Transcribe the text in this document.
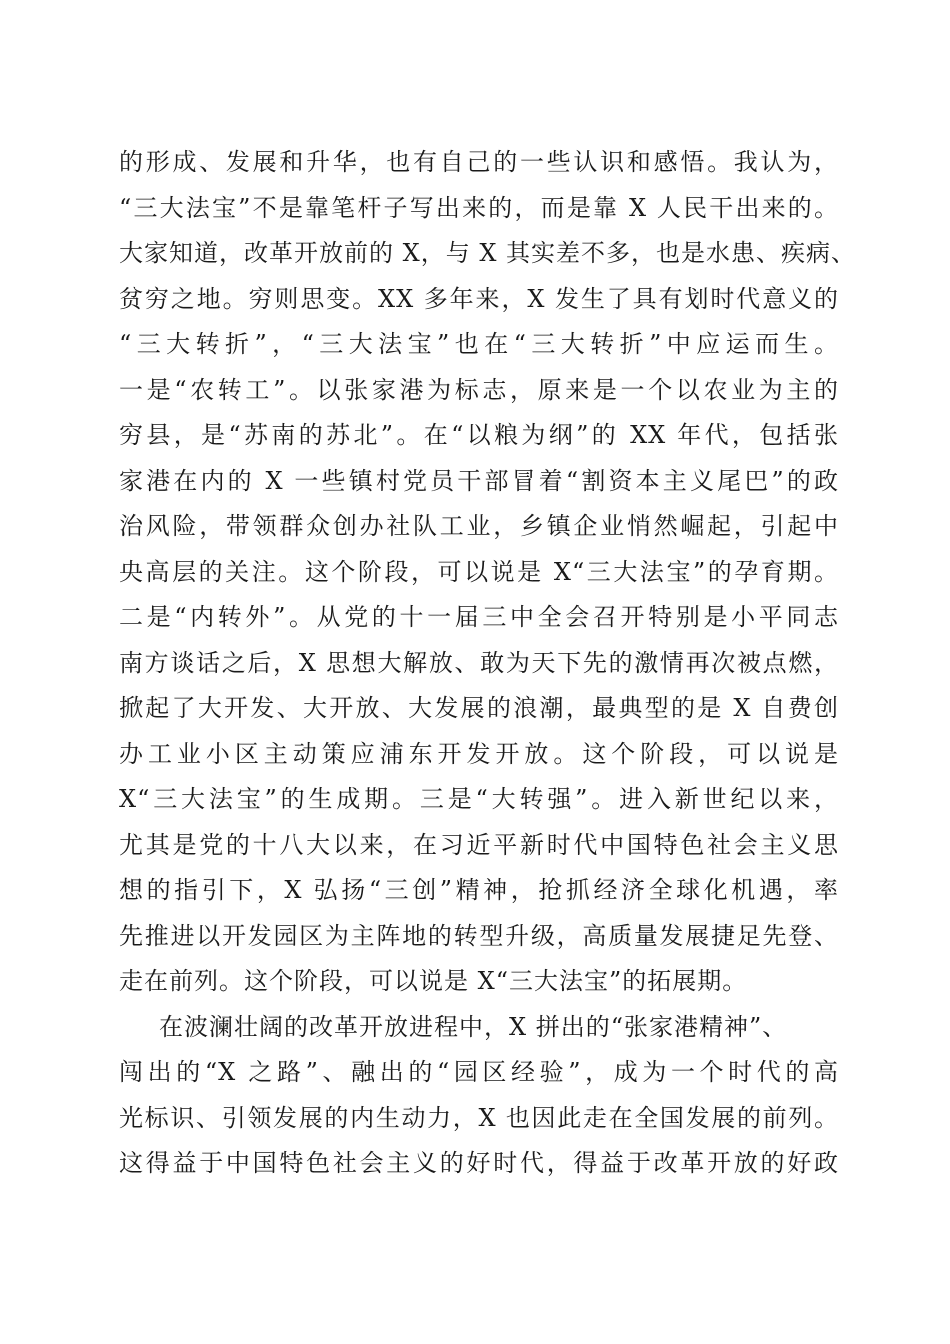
的形成、发展和升华，也有自己的一些认识和感悟。我认为，
“三大法宝”不是靠笔杆子写出来的，而是靠 X 人民干出来的。
大家知道，改革开放前的 X，与 X 其实差不多，也是水患、疾病、
贫穷之地。穷则思变。XX 多年来，X 发生了具有划时代意义的
“三大转折”，“三大法宝”也在“三大转折”中应运而生。
一是“农转工”。以张家港为标志，原来是一个以农业为主的
穷县，是“苏南的苏北”。在“以粮为纲”的 XX 年代，包括张
家港在内的 X 一些镇村党员干部冒着“割资本主义尾巴”的政
治风险，带领群众创办社队工业，乡镇企业悄然崛起，引起中
央高层的关注。这个阶段，可以说是 X“三大法宝”的孕育期。
二是“内转外”。从党的十一届三中全会召开特别是小平同志
南方谈话之后，X 思想大解放、敢为天下先的激情再次被点燃，
掀起了大开发、大开放、大发展的浪潮，最典型的是 X 自费创
办工业小区主动策应浦东开发开放。这个阶段，可以说是
X“三大法宝”的生成期。三是“大转强”。进入新世纪以来，
尤其是党的十八大以来，在习近平新时代中国特色社会主义思
想的指引下，X 弘扬“三创”精神，抢抓经济全球化机遇，率
先推进以开发园区为主阵地的转型升级，高质量发展捷足先登、
走在前列。这个阶段，可以说是 X“三大法宝”的拓展期。
在波澜壮阔的改革开放进程中，X 拼出的“张家港精神”、
闯出的“X 之路”、融出的“园区经验”，成为一个时代的高
光标识、引领发展的内生动力，X 也因此走在全国发展的前列。
这得益于中国特色社会主义的好时代，得益于改革开放的好政
